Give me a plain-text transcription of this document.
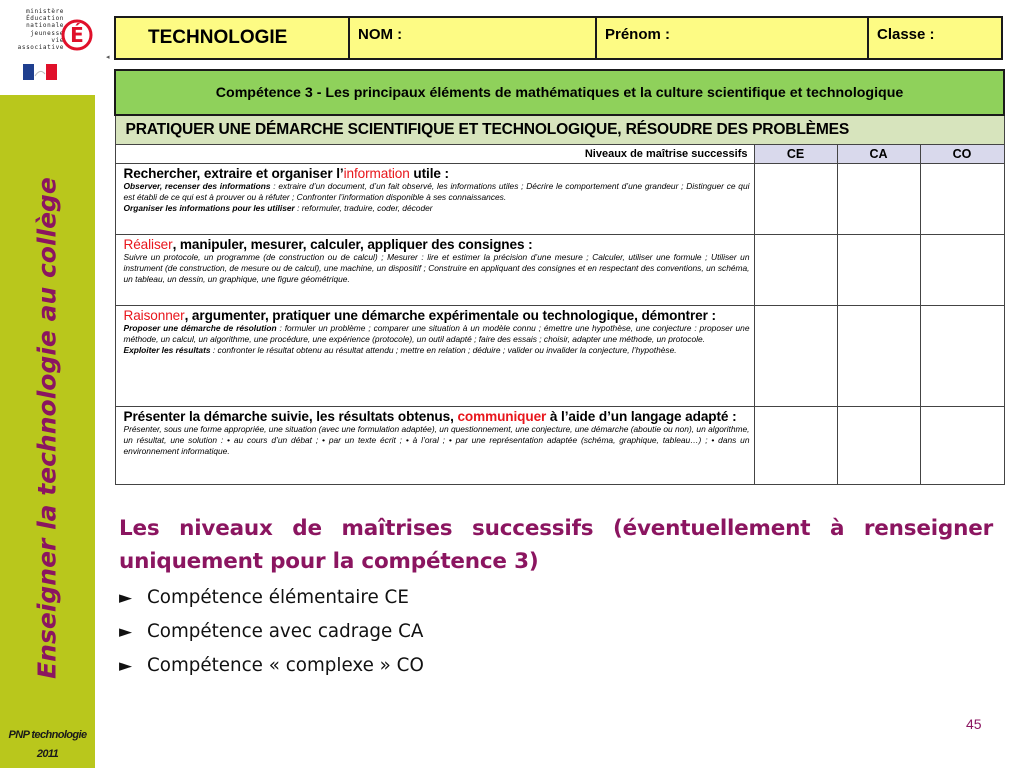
ministère
Éducation
nationale
jeunesse
vie associative
É
Enseigner la technologie au collège
PNP technologie
2011
TECHNOLOGIE	NOM :	Prénom :	Classe :
◂
Compétence 3 - Les principaux éléments de mathématiques et la culture scientifique et technologique			
PRATIQUER UNE DÉMARCHE SCIENTIFIQUE ET TECHNOLOGIQUE, RÉSOUDRE DES PROBLÈMES			
Niveaux de maîtrise successifs	CE	CA	CO

Rechercher, extraire et organiser l’information utile :
Observer, recenser des informations : extraire d’un document, d’un fait observé, les informations utiles ; Décrire le comportement d’une grandeur ; Distinguer ce qui est établi de ce qui est à prouver ou à réfuter ; Confronter l’information disponible à ses connaissances.
Organiser les informations pour les utiliser : reformuler, traduire, coder, décoder			

Réaliser, manipuler, mesurer, calculer, appliquer des consignes :
Suivre un protocole, un programme (de construction ou de calcul) ; Mesurer : lire et estimer la précision d’une mesure ; Calculer, utiliser une formule ; Utiliser un instrument (de construction, de mesure ou de calcul), une machine, un dispositif ; Construire en appliquant des consignes et en respectant des conventions, un schéma, un tableau, un dessin, un graphique, une figure géométrique.			

Raisonner, argumenter, pratiquer une démarche expérimentale ou technologique, démontrer :
Proposer une démarche de résolution : formuler un problème ; comparer une situation à un modèle connu ; émettre une hypothèse, une conjecture : proposer une méthode, un calcul, un algorithme, une procédure, une expérience (protocole), un outil adapté ; faire des essais ; choisir, adapter une méthode, un protocole.
Exploiter les résultats : confronter le résultat obtenu au résultat attendu ; mettre en relation ; déduire ; valider ou invalider la conjecture, l’hypothèse.			

Présenter la démarche suivie, les résultats obtenus, communiquer à l’aide d’un langage adapté :
Présenter, sous une forme appropriée, une situation (avec une formulation adaptée), un questionnement, une conjecture, une démarche (aboutie ou non), un algorithme, un résultat, une solution : • au cours d’un débat ; • par un texte écrit ; • à l’oral ; • par une représentation adaptée (schéma, graphique, tableau…) ; • dans un environnement informatique.			

Les niveaux de maîtrises successifs (éventuellement à renseigner uniquement pour la compétence 3)

► Compétence élémentaire CE
► Compétence avec cadrage CA
► Compétence « complexe » CO
45
